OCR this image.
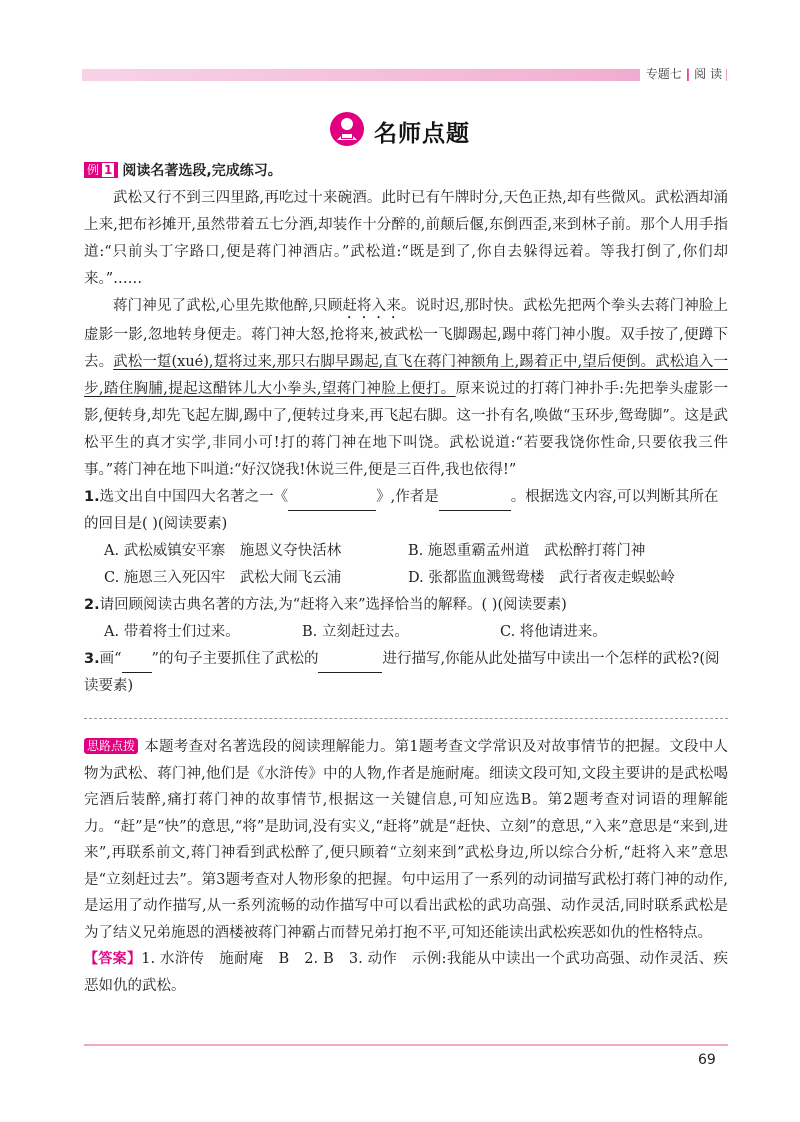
专题七 | 阅 读
名师点题
例 1 阅读名著选段,完成练习。

武松又行不到三四里路,再吃过十来碗酒。此时已有午牌时分,天色正热,却有些微风。武松酒却涌上来,把布衫摊开,虽然带着五七分酒,却装作十分醉的,前颠后偃,东倒西歪,来到林子前。那个人用手指道:“只前头丁字路口,便是蒋门神酒店。”武松道:“既是到了,你自去躲得远着。等我打倒了,你们却来。”……

蒋门神见了武松,心里先欺他醉,只顾赶将入来。说时迟,那时快。武松先把两个拳头去蒋门神脸上虚影一影,忽地转身便走。蒋门神大怒,抢将来,被武松一飞脚踢起,踢中蒋门神小腹。双手按了,便蹲下去。武松一踅(xué),踅将过来,那只右脚早踢起,直飞在蒋门神额角上,踢着正中,望后便倒。武松追入一步,踏住胸脯,提起这醋钵儿大小拳头,望蒋门神脸上便打。原来说过的打蒋门神扑手:先把拳头虚影一影,便转身,却先飞起左脚,踢中了,便转过身来,再飞起右脚。这一扑有名,唤做“玉环步,鸳鸯脚”。这是武松平生的真才实学,非同小可!打的蒋门神在地下叫饶。武松说道:“若要我饶你性命,只要依我三件事。”蒋门神在地下叫道:“好汉饶我!休说三件,便是三百件,我也依得!”

1.选文出自中国四大名著之一《	》,作者是	。根据选文内容,可以判断其所在的回目是( )(阅读要素)

A. 武松威镇安平寨　施恩义夺快活林	B. 施恩重霸孟州道　武松醉打蒋门神
C. 施恩三入死囚牢　武松大闹飞云浦	D. 张都监血溅鸳鸯楼　武行者夜走蜈蚣岭

2.请回顾阅读古典名著的方法,为“赶将入来”选择恰当的解释。( )(阅读要素)

A. 带着将士们过来。	B. 立刻赶过去。	C. 将他请进来。

3.画“ ”的句子主要抓住了武松的	进行描写,你能从此处描写中读出一个怎样的武松?(阅读要素)

思路点拨 本题考查对名著选段的阅读理解能力。第1题考查文学常识及对故事情节的把握。文段中人物为武松、蒋门神,他们是《水浒传》中的人物,作者是施耐庵。细读文段可知,文段主要讲的是武松喝完酒后装醉,痛打蒋门神的故事情节,根据这一关键信息,可知应选B。第2题考查对词语的理解能力。“赶”是“快”的意思,“将”是助词,没有实义,“赶将”就是“赶快、立刻”的意思,“入来”意思是“来到,进来”,再联系前文,蒋门神看到武松醉了,便只顾着“立刻来到”武松身边,所以综合分析,“赶将入来”意思是“立刻赶过去”。第3题考查对人物形象的把握。句中运用了一系列的动词描写武松打蒋门神的动作,是运用了动作描写,从一系列流畅的动作描写中可以看出武松的武功高强、动作灵活,同时联系武松是为了结义兄弟施恩的酒楼被蒋门神霸占而替兄弟打抱不平,可知还能读出武松疾恶如仇的性格特点。
【答案】1. 水浒传　施耐庵　B　2. B　3. 动作　示例:我能从中读出一个武功高强、动作灵活、疾恶如仇的武松。
69
